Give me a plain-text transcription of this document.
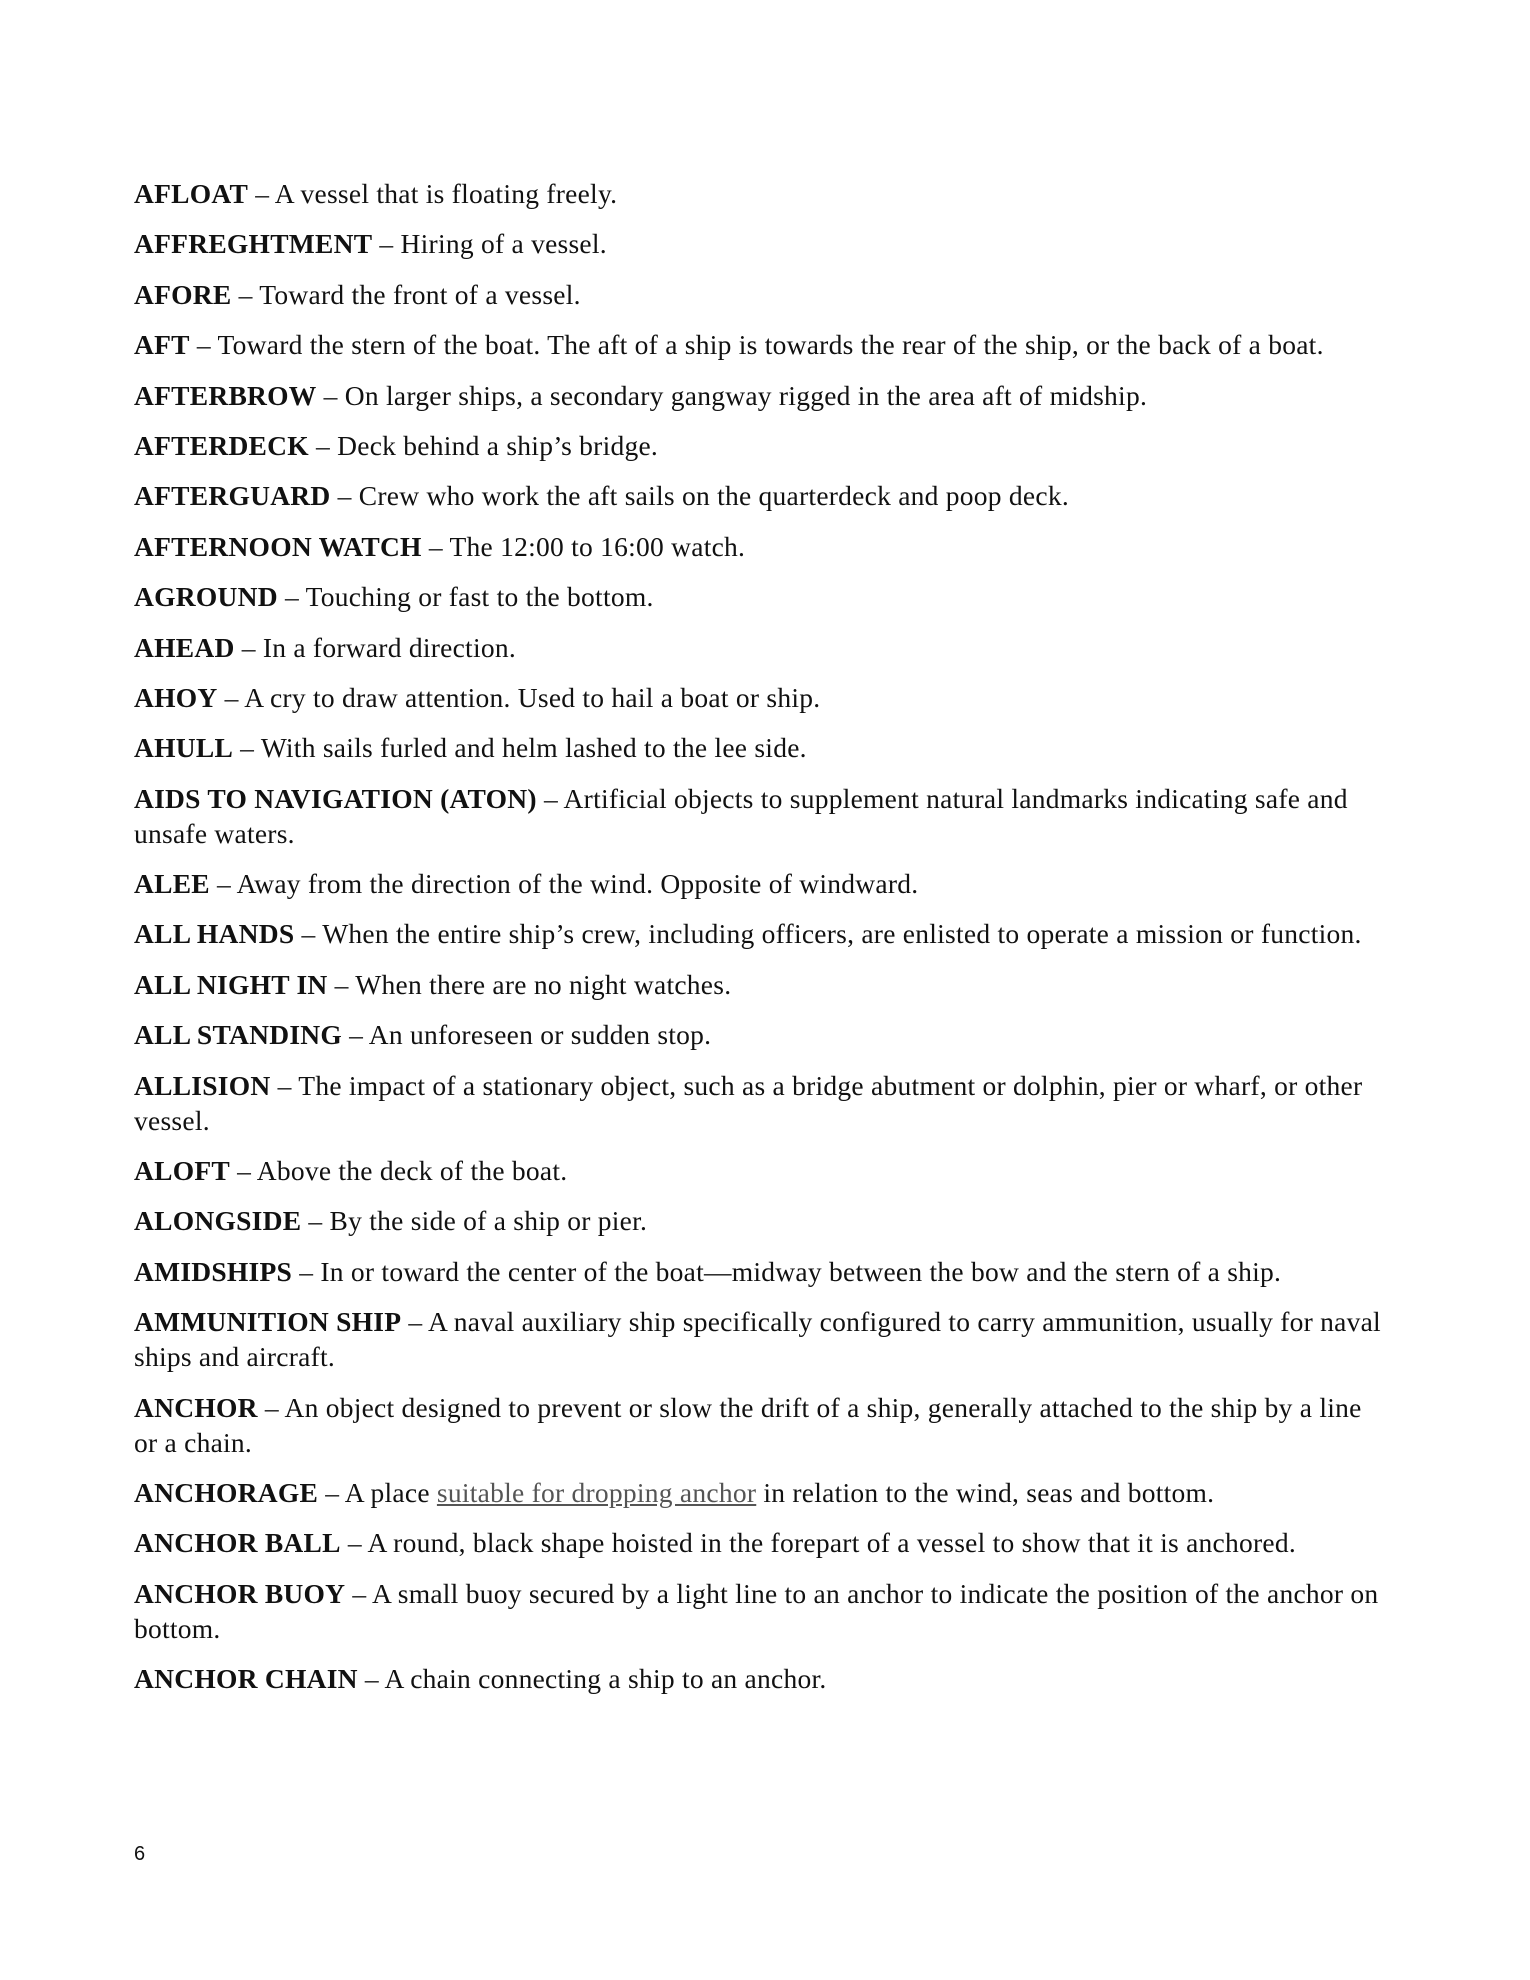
AFLOAT – A vessel that is floating freely.

AFFREGHTMENT – Hiring of a vessel.

AFORE – Toward the front of a vessel.

AFT – Toward the stern of the boat. The aft of a ship is towards the rear of the ship, or the back of a boat.

AFTERBROW – On larger ships, a secondary gangway rigged in the area aft of midship.

AFTERDECK – Deck behind a ship’s bridge.

AFTERGUARD – Crew who work the aft sails on the quarterdeck and poop deck.

AFTERNOON WATCH – The 12:00 to 16:00 watch.

AGROUND – Touching or fast to the bottom.

AHEAD – In a forward direction.

AHOY – A cry to draw attention. Used to hail a boat or ship.

AHULL – With sails furled and helm lashed to the lee side.

AIDS TO NAVIGATION (ATON) – Artificial objects to supplement natural landmarks indicating safe and unsafe waters.

ALEE – Away from the direction of the wind. Opposite of windward.

ALL HANDS – When the entire ship’s crew, including officers, are enlisted to operate a mission or function.

ALL NIGHT IN – When there are no night watches.

ALL STANDING – An unforeseen or sudden stop.

ALLISION – The impact of a stationary object, such as a bridge abutment or dolphin, pier or wharf, or other vessel.

ALOFT – Above the deck of the boat.

ALONGSIDE – By the side of a ship or pier.

AMIDSHIPS – In or toward the center of the boat—midway between the bow and the stern of a ship.

AMMUNITION SHIP – A naval auxiliary ship specifically configured to carry ammunition, usually for naval ships and aircraft.

ANCHOR – An object designed to prevent or slow the drift of a ship, generally attached to the ship by a line or a chain.

ANCHORAGE – A place suitable for dropping anchor in relation to the wind, seas and bottom.

ANCHOR BALL – A round, black shape hoisted in the forepart of a vessel to show that it is anchored.

ANCHOR BUOY – A small buoy secured by a light line to an anchor to indicate the position of the anchor on bottom.

ANCHOR CHAIN – A chain connecting a ship to an anchor.

6
